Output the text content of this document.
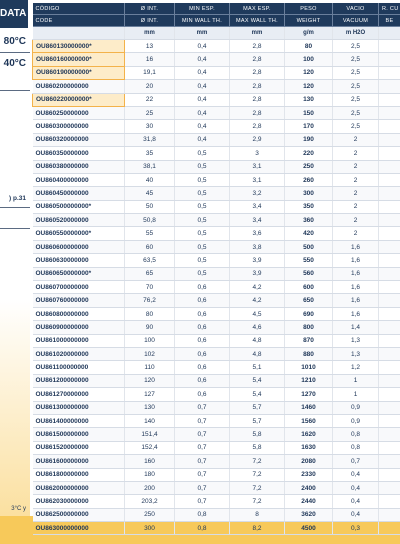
DATA
80°C
40°C
) p.31
3°C y
CÓDIGO	Ø INT.	MIN ESP.	MAX ESP.	PESO	VACIO	R. CU
CODE	Ø INT.	MIN WALL TH.	MAX WALL TH.	WEIGHT	VACUUM	BE
	mm	mm	mm	g/m	m H2O	
OU860130000000*	13	0,4	2,8	80	2,5	
OU860160000000*	16	0,4	2,8	100	2,5	
OU860190000000*	19,1	0,4	2,8	120	2,5	
OU860200000000	20	0,4	2,8	120	2,5	
OU860220000000*	22	0,4	2,8	130	2,5	
OU860250000000	25	0,4	2,8	150	2,5	
OU860300000000	30	0,4	2,8	170	2,5	
OU860320000000	31,8	0,4	2,9	190	2	
OU860350000000	35	0,5	3	220	2	
OU860380000000	38,1	0,5	3,1	250	2	
OU860400000000	40	0,5	3,1	260	2	
OU860450000000	45	0,5	3,2	300	2	
OU860500000000*	50	0,5	3,4	350	2	
OU860520000000	50,8	0,5	3,4	360	2	
OU860550000000*	55	0,5	3,6	420	2	
OU860600000000	60	0,5	3,8	500	1,6	
OU860630000000	63,5	0,5	3,9	550	1,6	
OU860650000000*	65	0,5	3,9	560	1,6	
OU860700000000	70	0,6	4,2	600	1,6	
OU860760000000	76,2	0,6	4,2	650	1,6	
OU860800000000	80	0,6	4,5	690	1,6	
OU860900000000	90	0,6	4,6	800	1,4	
OU861000000000	100	0,6	4,8	870	1,3	
OU861020000000	102	0,6	4,8	880	1,3	
OU861100000000	110	0,6	5,1	1010	1,2	
OU861200000000	120	0,6	5,4	1210	1	
OU861270000000	127	0,6	5,4	1270	1	
OU861300000000	130	0,7	5,7	1460	0,9	
OU861400000000	140	0,7	5,7	1560	0,9	
OU861500000000	151,4	0,7	5,8	1620	0,8	
OU861520000000	152,4	0,7	5,8	1630	0,8	
OU861600000000	160	0,7	7,2	2080	0,7	
OU861800000000	180	0,7	7,2	2330	0,4	
OU862000000000	200	0,7	7,2	2400	0,4	
OU862030000000	203,2	0,7	7,2	2440	0,4	
OU862500000000	250	0,8	8	3620	0,4	
OU863000000000	300	0,8	8,2	4500	0,3	
